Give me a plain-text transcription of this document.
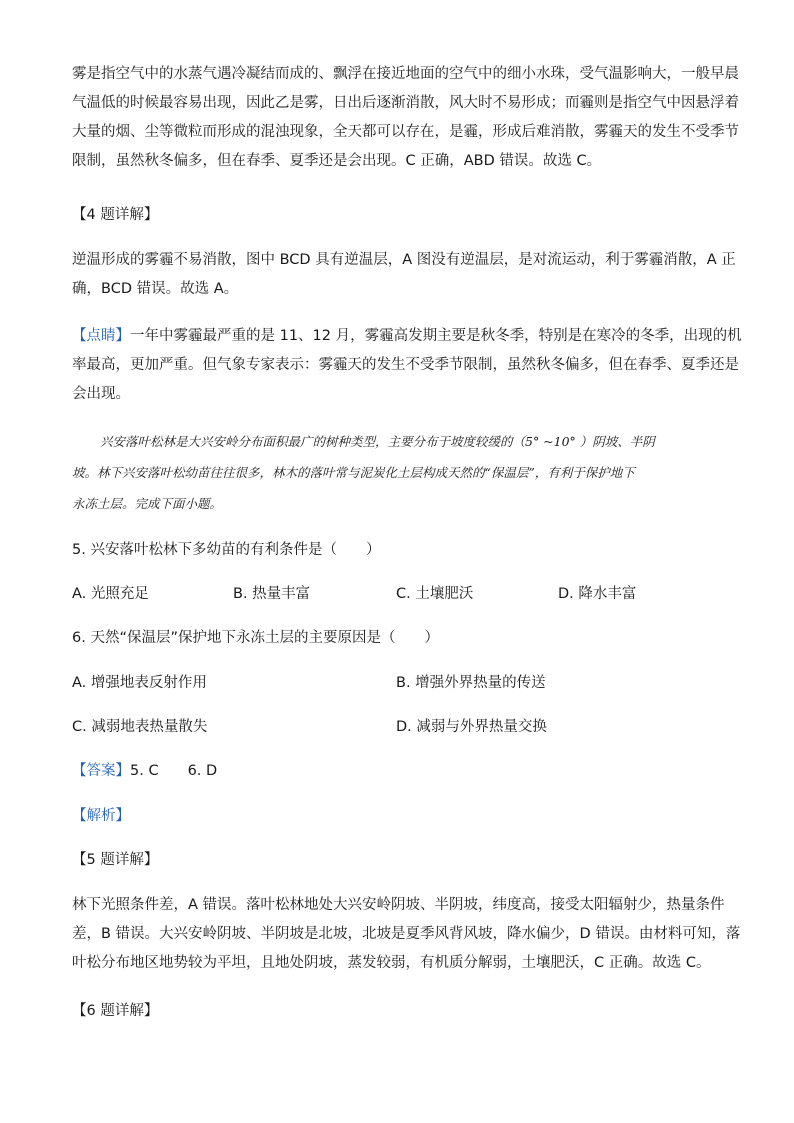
雾是指空气中的水蒸气遇冷凝结而成的、飘浮在接近地面的空气中的细小水珠，受气温影响大，一般早晨
气温低的时候最容易出现，因此乙是雾，日出后逐渐消散，风大时不易形成；而霾则是指空气中因悬浮着
大量的烟、尘等微粒而形成的混浊现象，全天都可以存在，是霾，形成后难消散，雾霾天的发生不受季节
限制，虽然秋冬偏多，但在春季、夏季还是会出现。C 正确，ABD 错误。故选 C。
【4 题详解】
逆温形成的雾霾不易消散，图中 BCD 具有逆温层，A 图没有逆温层，是对流运动，利于雾霾消散，A 正
确，BCD 错误。故选 A。
【点睛】一年中雾霾最严重的是 11、12 月，雾霾高发期主要是秋冬季，特别是在寒冷的冬季，出现的机
率最高，更加严重。但气象专家表示：雾霾天的发生不受季节限制，虽然秋冬偏多，但在春季、夏季还是
会出现。
兴安落叶松林是大兴安岭分布面积最广的树种类型，主要分布于坡度较缓的（5° ~10° ）阴坡、半阴
坡。林下兴安落叶松幼苗往往很多，林木的落叶常与泥炭化土层构成天然的“保温层”，有利于保护地下
永冻土层。完成下面小题。
5. 兴安落叶松林下多幼苗的有利条件是（　　）
A. 光照充足	B. 热量丰富	C. 土壤肥沃	D. 降水丰富
6. 天然“保温层”保护地下永冻土层的主要原因是（　　）
A. 增强地表反射作用	B. 增强外界热量的传送
C. 减弱地表热量散失	D. 减弱与外界热量交换
【答案】5. C　　6. D
【解析】
【5 题详解】
林下光照条件差，A 错误。落叶松林地处大兴安岭阴坡、半阴坡，纬度高，接受太阳辐射少，热量条件
差，B 错误。大兴安岭阴坡、半阴坡是北坡，北坡是夏季风背风坡，降水偏少，D 错误。由材料可知，落
叶松分布地区地势较为平坦，且地处阴坡，蒸发较弱，有机质分解弱，土壤肥沃，C 正确。故选 C。
【6 题详解】
